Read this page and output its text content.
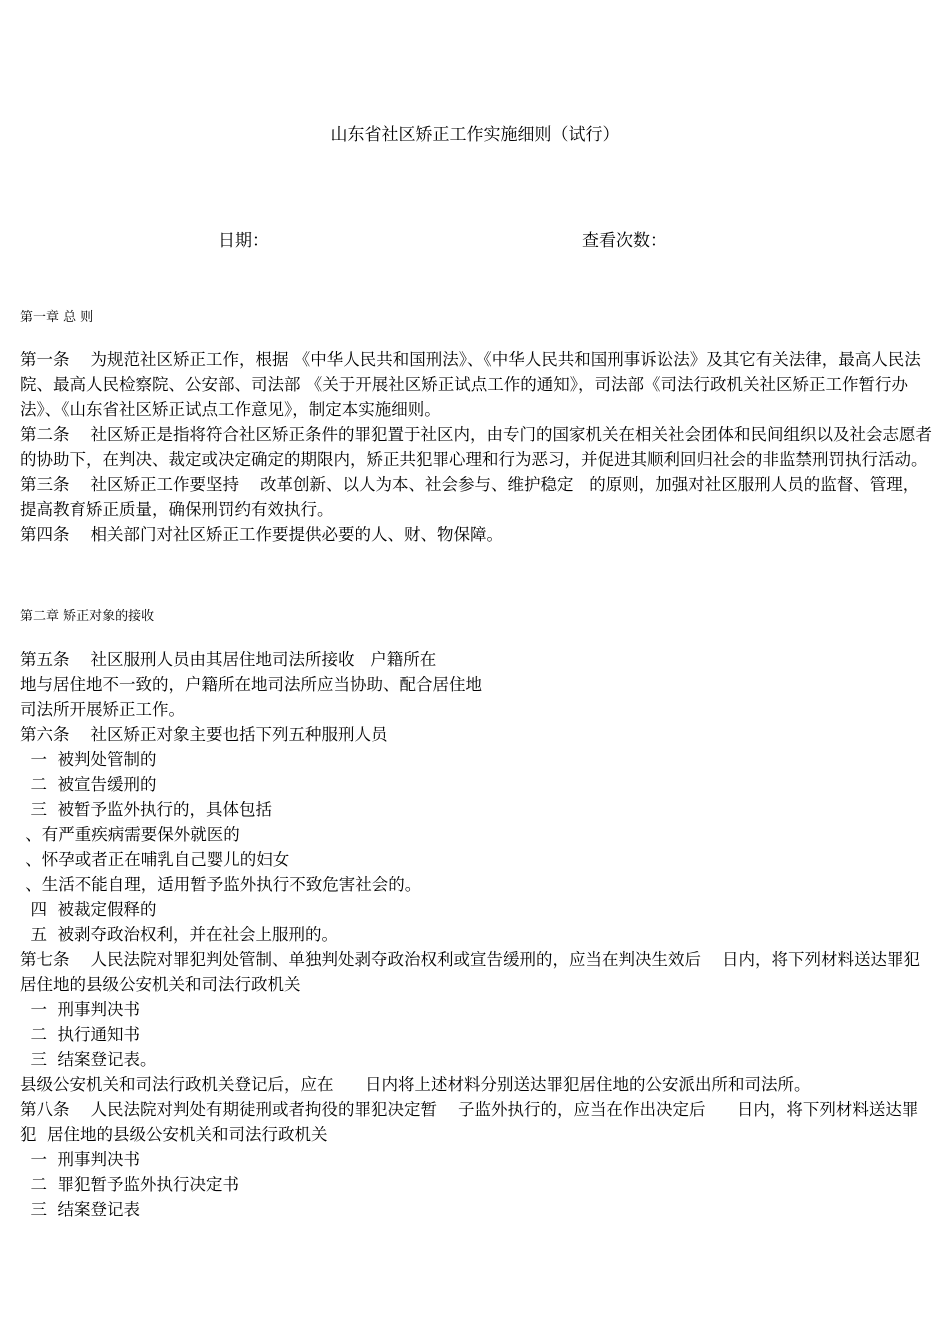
山东省社区矫正工作实施细则（试行）
日期：	查看次数：
第一章 总 则
第一条    为规范社区矫正工作，根据 《中华人民共和国刑法》、《中华人民共和国刑事诉讼法》及其它有关法律，最高人民法院、最高人民检察院、公安部、司法部 《关于开展社区矫正试点工作的通知》，司法部《司法行政机关社区矫正工作暂行办法》、《山东省社区矫正试点工作意见》，制定本实施细则。
第二条    社区矫正是指将符合社区矫正条件的罪犯置于社区内，由专门的国家机关在相关社会团体和民间组织以及社会志愿者的协助下，在判决、裁定或决定确定的期限内，矫正共犯罪心理和行为恶习，并促进其顺利回归社会的非监禁刑罚执行活动。
第三条    社区矫正工作要坚持    改革创新、以人为本、社会参与、维护稳定   的原则，加强对社区服刑人员的监督、管理，提高教育矫正质量，确保刑罚约有效执行。
第四条    相关部门对社区矫正工作要提供必要的人、财、物保障。
第二章 矫正对象的接收
第五条    社区服刑人员由其居住地司法所接收   户籍所在
地与居住地不一致的，户籍所在地司法所应当协助、配合居住地
司法所开展矫正工作。
第六条    社区矫正对象主要也括下列五种服刑人员
一  被判处管制的
二  被宣告缓刑的
三  被暂予监外执行的，具体包括
、有严重疾病需要保外就医的
、怀孕或者正在哺乳自己婴儿的妇女
、生活不能自理，适用暂予监外执行不致危害社会的。
四  被裁定假释的
五  被剥夺政治权利，并在社会上服刑的。
第七条    人民法院对罪犯判处管制、单独判处剥夺政治权利或宣告缓刑的，应当在判决生效后    日内，将下列材料送达罪犯居住地的县级公安机关和司法行政机关
一  刑事判决书
二  执行通知书
三  结案登记表。
县级公安机关和司法行政机关登记后，应在      日内将上述材料分别送达罪犯居住地的公安派出所和司法所。
第八条    人民法院对判处有期徒刑或者拘役的罪犯决定暂    子监外执行的，应当在作出决定后      日内，将下列材料送达罪犯  居住地的县级公安机关和司法行政机关
一  刑事判决书
二  罪犯暂予监外执行决定书
三  结案登记表
